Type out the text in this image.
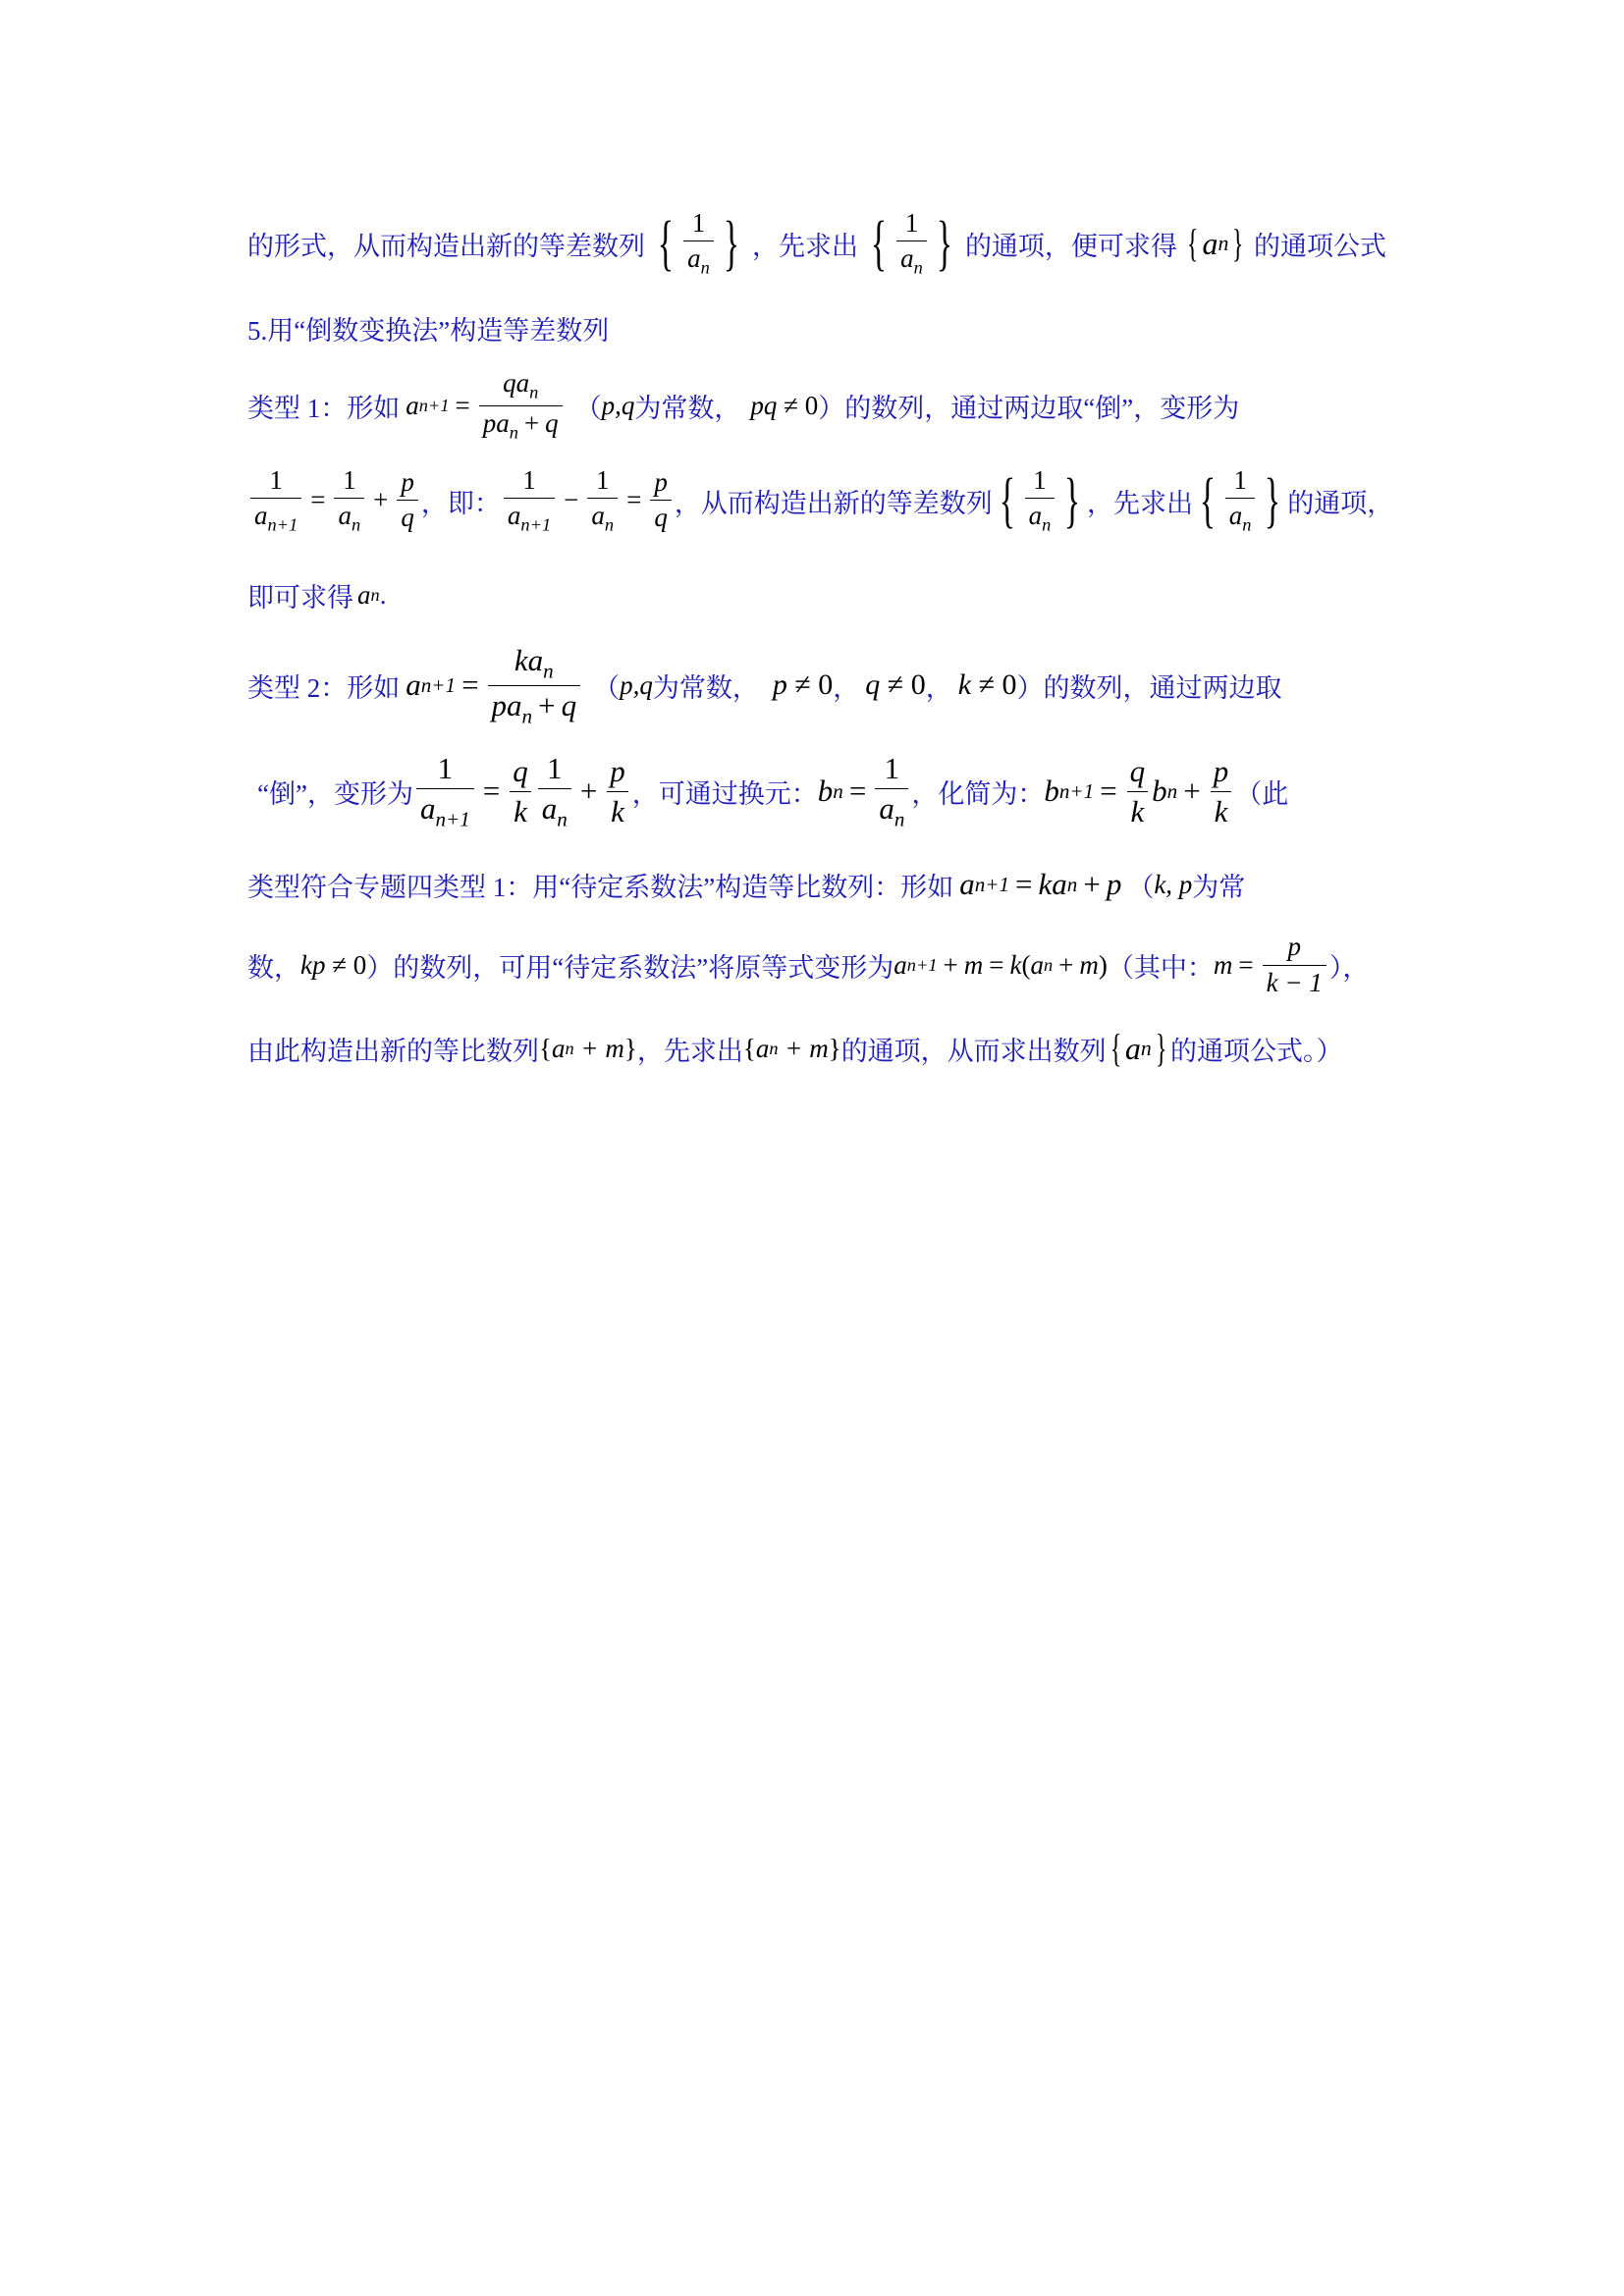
的形式，从而构造出新的等差数列 { $\frac{1}{a_n}$ } ，先求出 { $\frac{1}{a_n}$ } 的通项，便可求得 { a n } 的通项公式
5.用“倒数变换法”构造等差数列
类型 1：形如 a $n+1 = \frac{qa_n}{pa_n + q}$ （ p,q 为常数， pq
≠ 0 ）的数列，通过两边取“倒”，变形为
$\frac{1}{a_{n+1}} = \frac{1}{a_n} + \frac{p}{q}$ ，即： $\frac{1}{a_{n+1}} - \frac{1}{a_n} = \frac{p}{q}$ ，从而构造出新的等差数列 { $\frac{1}{a_n}$ } ，先求出 { $\frac{1}{a_n}$ } 的通项，
即可求得 a n .
类型 2：形如 a $n+1 = \frac{ka_n}{pa_n + q}$ （ p,q 为常数， p
≠ 0 ， q
≠ 0 ， k
≠ 0 ）的数列，通过两边取
“倒”，变形为 $\frac{1}{a_{n+1}} = \frac{q}{k} \frac{1}{a_n} + \frac{p}{k}$ ，可通过换元： b $n = \frac{1}{a_n}$ ，化简为： b $n+1 = \frac{q}{k}$ b $n + \frac{p}{k}$ （此
类型符合专题四类型 1：用“待定系数法”构造等比数列：形如 a n+1 = k a n + p （ k, p 为常
数， kp
≠ 0 ）的数列，可用“待定系数法”将原等式变形为 a n+1 + m = k ( a n + m ) （其中： $m = \frac{p}{k - 1}$ ），
由此构造出新的等比数列 { a n
+ m } ，先求出 { a n
+ m } 的通项，从而求出数列 { a n } 的通项公式。）
